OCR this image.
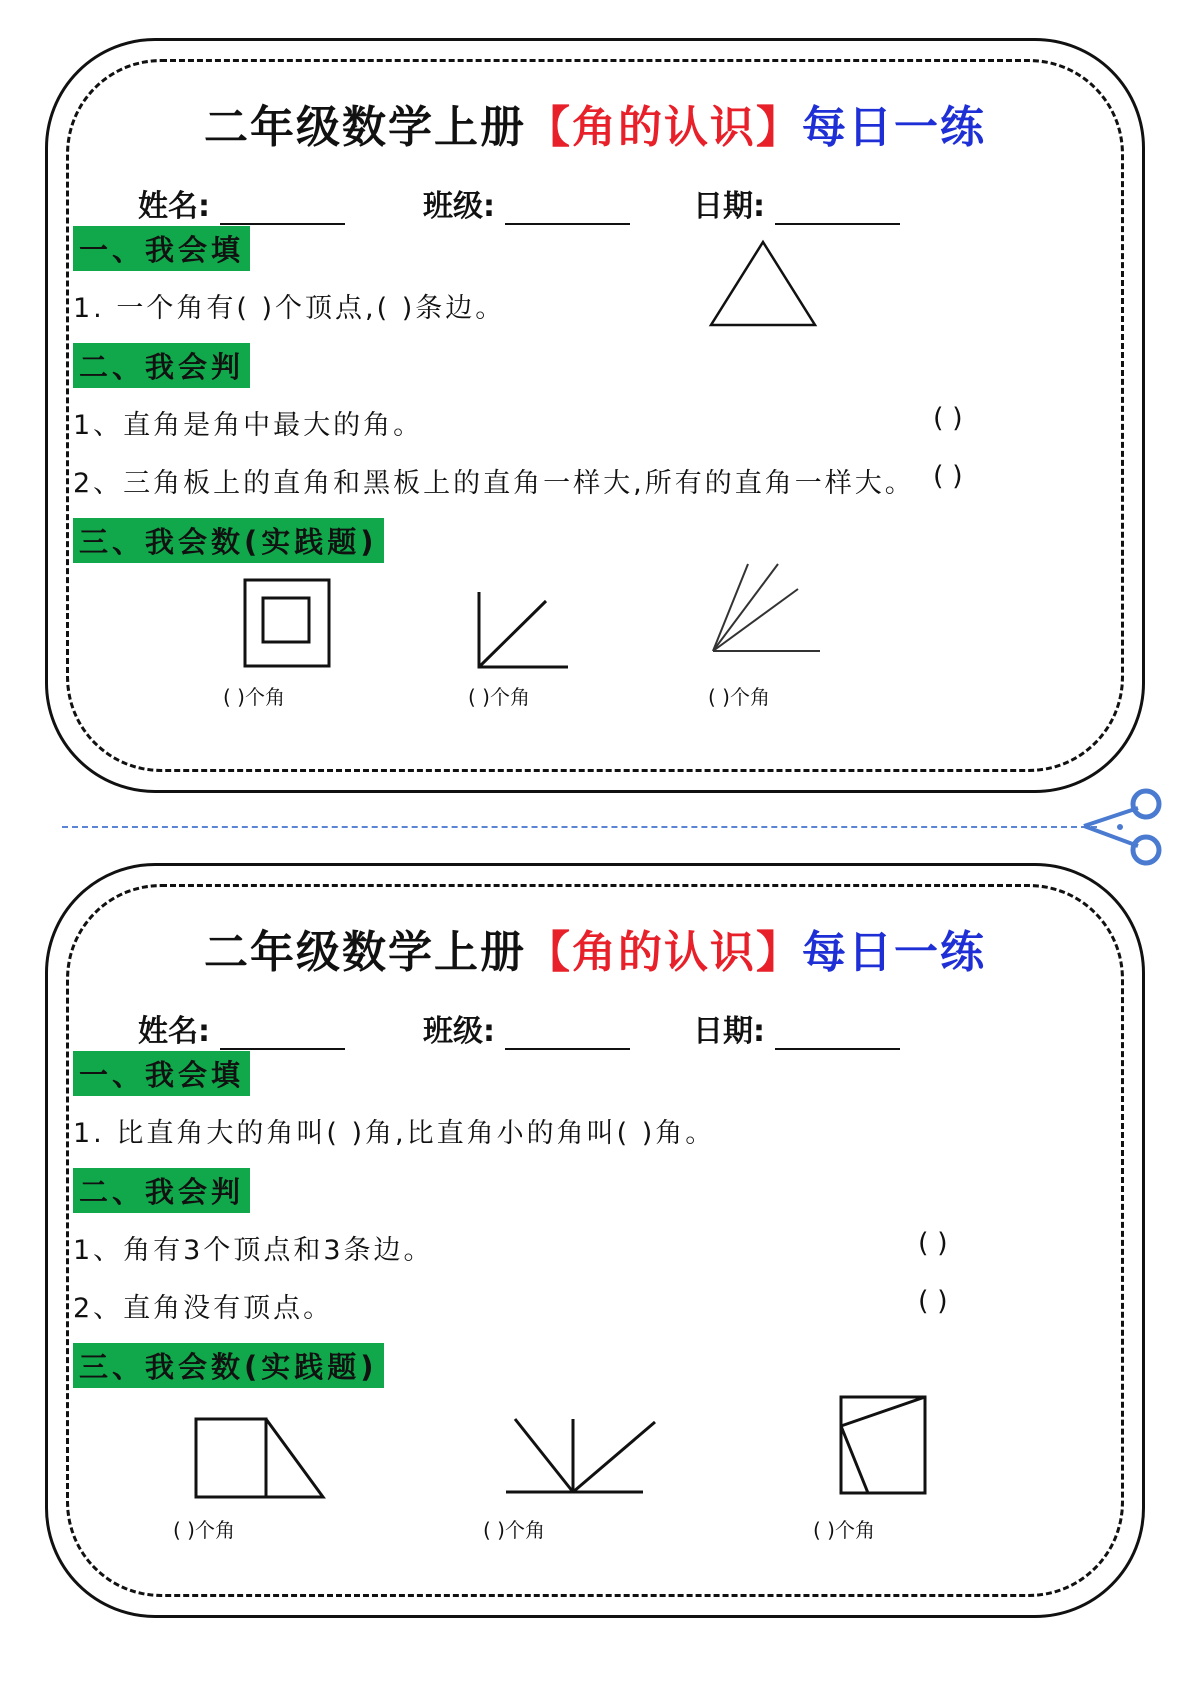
二年级数学上册【角的认识】每日一练
姓名:	班级:	日期:
一、我会填
1. 一个角有( )个顶点,( )条边。
二、我会判
1、直角是角中最大的角。	( )
2、三角板上的直角和黑板上的直角一样大,所有的直角一样大。 ( )
三、我会数(实践题)
( )个角	( )个角	( )个角
二年级数学上册【角的认识】每日一练
姓名:	班级:	日期:
一、我会填
1. 比直角大的角叫( )角,比直角小的角叫( )角。
二、我会判
1、角有3个顶点和3条边。	( )
2、直角没有顶点。	( )
三、我会数(实践题)
( )个角	( )个角	( )个角
